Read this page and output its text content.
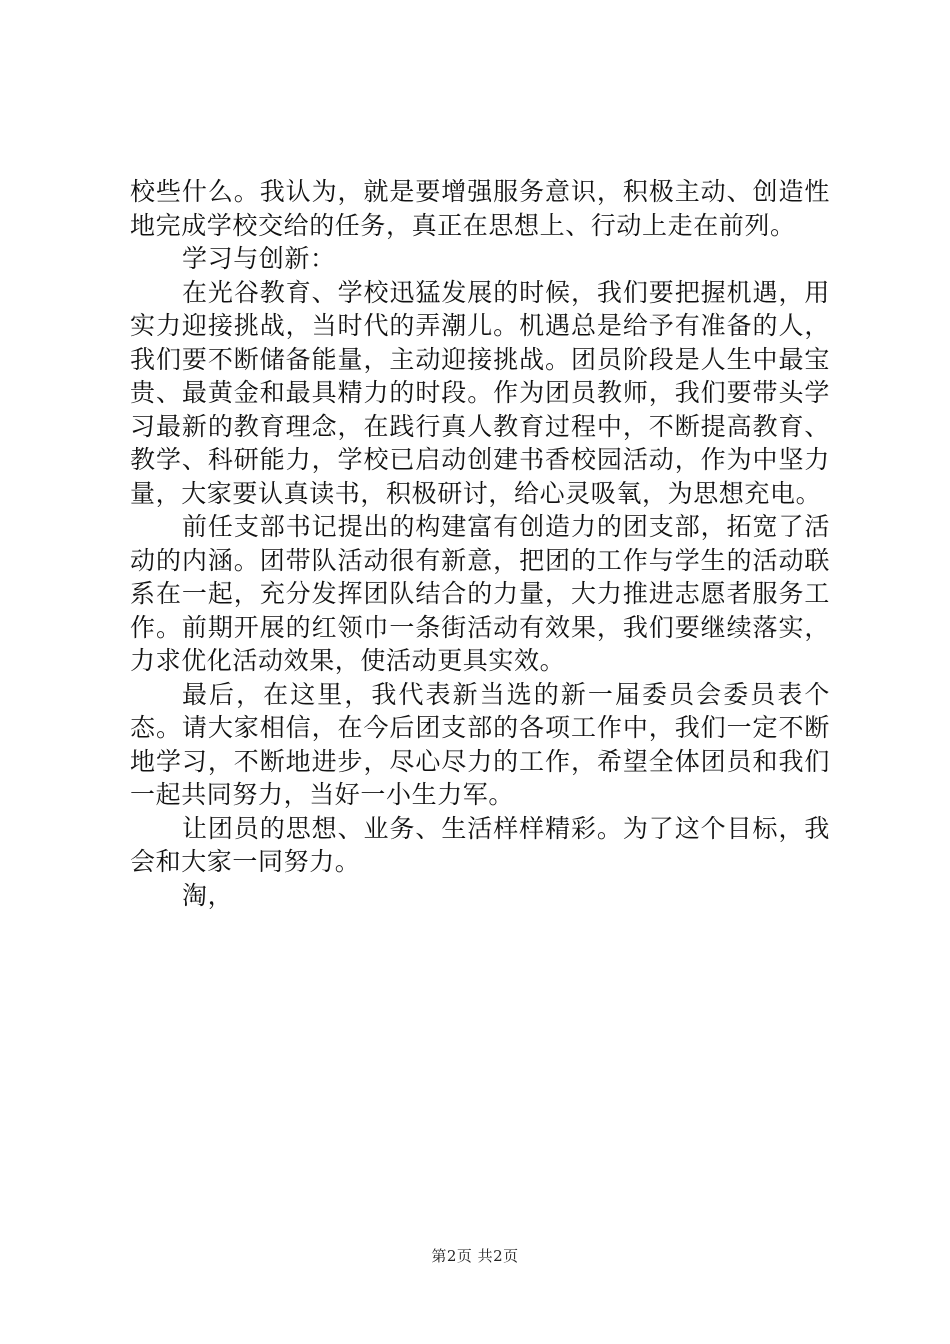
校些什么。我认为，就是要增强服务意识，积极主动、创造性地完成学校交给的任务，真正在思想上、行动上走在前列。

学习与创新：

在光谷教育、学校迅猛发展的时候，我们要把握机遇，用实力迎接挑战，当时代的弄潮儿。机遇总是给予有准备的人，我们要不断储备能量，主动迎接挑战。团员阶段是人生中最宝贵、最黄金和最具精力的时段。作为团员教师，我们要带头学习最新的教育理念，在践行真人教育过程中，不断提高教育、教学、科研能力，学校已启动创建书香校园活动，作为中坚力量，大家要认真读书，积极研讨，给心灵吸氧，为思想充电。

前任支部书记提出的构建富有创造力的团支部，拓宽了活动的内涵。团带队活动很有新意，把团的工作与学生的活动联系在一起，充分发挥团队结合的力量，大力推进志愿者服务工作。前期开展的红领巾一条街活动有效果，我们要继续落实，力求优化活动效果，使活动更具实效。

最后，在这里，我代表新当选的新一届委员会委员表个态。请大家相信，在今后团支部的各项工作中，我们一定不断地学习，不断地进步，尽心尽力的工作，希望全体团员和我们一起共同努力，当好一小生力军。

让团员的思想、业务、生活样样精彩。为了这个目标，我会和大家一同努力。

淘，

第2页 共2页
